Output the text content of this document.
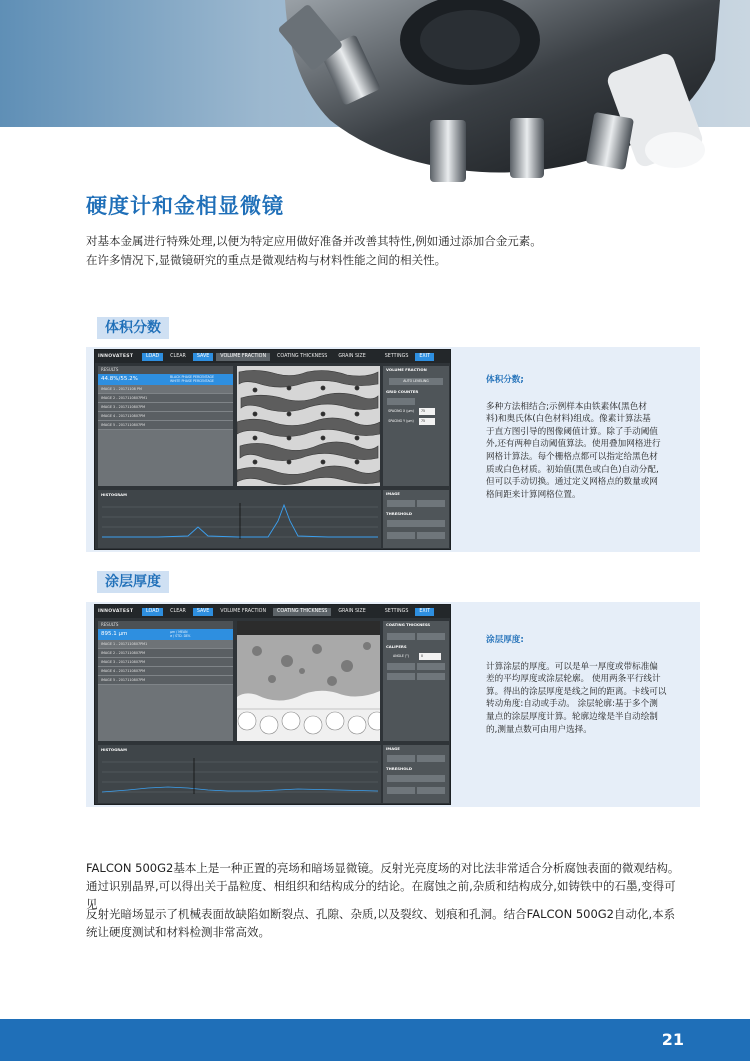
硬度计和金相显微镜

对基本金属进行特殊处理,以便为特定应用做好准备并改善其特性,例如通过添加合金元素。

在许多情况下,显微镜研究的重点是微观结构与材料性能之间的相关性。

体积分数
INNOVATEST	LOAD	CLEAR	SAVE	VOLUME FRACTION	COATING THICKNESS	GRAIN SIZE	SETTINGS	EXIT
RESULTS
44.8%/55.2%	BLACK PHASE PERCENTAGE
WHITE PHASE PERCENTAGE
IMAGE 1 - 20171108 PM
IMAGE 2 - 2017110807PM1
IMAGE 3 - 2017110807PM
IMAGE 4 - 2017110807PM
IMAGE 5 - 2017110807PM
VOLUME FRACTION
AUTO LEVELING
GRID COUNTER
SPACING X (µm)	75
SPACING Y (µm)	75
HISTOGRAM	IMAGE
THRESHOLD
体积分数;
多种方法相结合;示例样本由铁素体(黑色材
料)和奥氏体(白色材料)组成。像素计算法基
于直方图引导的图像阈值计算。除了手动阈值
外,还有两种自动阈值算法。使用叠加网格进行
网格计算法。每个栅格点都可以指定给黑色材
质或白色材质。初始值(黑色或白色)自动分配,
但可以手动切换。通过定义网格点的数量或网
格间距来计算网格位置。
涂层厚度
INNOVATEST	LOAD	CLEAR	SAVE	VOLUME FRACTION	COATING THICKNESS	GRAIN SIZE	SETTINGS	EXIT
RESULTS
895.1 µm	µm / MEAN
σ / STD. DEV.
IMAGE 1 - 2017110807PM1
IMAGE 2 - 2017110807PM
IMAGE 3 - 2017110807PM
IMAGE 4 - 2017110807PM
IMAGE 5 - 2017110807PM
COATING THICKNESS
CALIPERS
ANGLE (°)	0
HISTOGRAM	IMAGE
THRESHOLD
涂层厚度:
计算涂层的厚度。可以是单一厚度或带标准偏
差的平均厚度或涂层轮廓。 使用两条平行线计
算。得出的涂层厚度是线之间的距离。卡线可以
转动角度:自动或手动。 涂层轮廓:基于多个测
量点的涂层厚度计算。轮廓边缘是半自动绘制
的,测量点数可由用户选择。
FALCON 500G2基本上是一种正置的亮场和暗场显微镜。反射光亮度场的对比法非常适合分析腐蚀表面的微观结构。通过识别晶界,可以得出关于晶粒度、相组织和结构成分的结论。在腐蚀之前,杂质和结构成分,如铸铁中的石墨,变得可见
反射光暗场显示了机械表面故缺陷如断裂点、孔隙、杂质,以及裂纹、划痕和孔洞。结合FALCON 500G2自动化,本系统让硬度测试和材料检测非常高效。
21
